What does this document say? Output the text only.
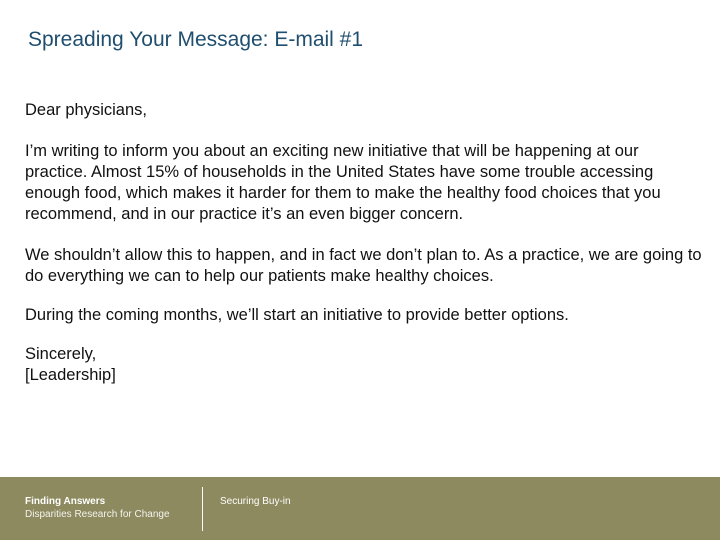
Spreading Your Message: E-mail #1

Dear physicians,

I’m writing to inform you about an exciting new initiative that will be happening at our practice. Almost 15% of households in the United States have some trouble accessing enough food, which makes it harder for them to make the healthy food choices that you recommend, and in our practice it’s an even bigger concern.

We shouldn’t allow this to happen, and in fact we don’t plan to. As a practice, we are going to do everything we can to help our patients make healthy choices.

During the coming months, we’ll start an initiative to provide better options.

Sincerely,

[Leadership]

Finding Answers
Disparities Research for Change
Securing Buy-in
